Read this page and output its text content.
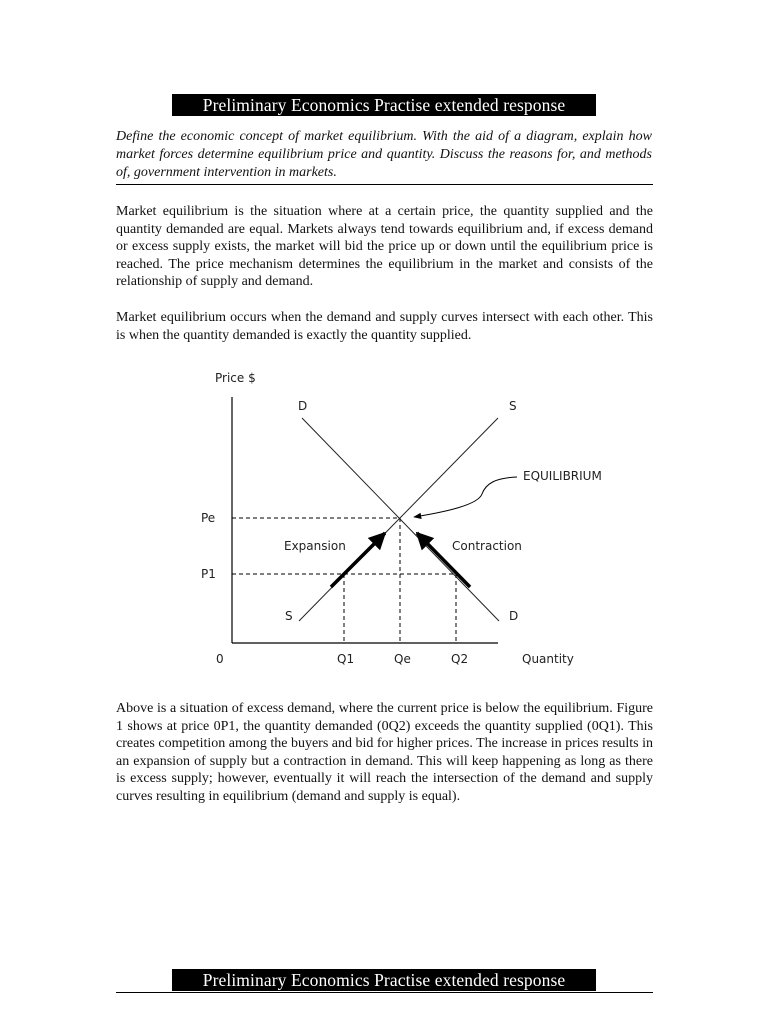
Preliminary Economics Practise extended response
Define the economic concept of market equilibrium. With the aid of a diagram, explain how market forces determine equilibrium price and quantity. Discuss the reasons for, and methods of, government intervention in markets.

Market equilibrium is the situation where at a certain price, the quantity supplied and the quantity demanded are equal. Markets always tend towards equilibrium and, if excess demand or excess supply exists, the market will bid the price up or down until the equilibrium price is reached. The price mechanism determines the equilibrium in the market and consists of the relationship of supply and demand.

Market equilibrium occurs when the demand and supply curves intersect with each other. This is when the quantity demanded is exactly the quantity supplied.

Price $
Quantity
0
D	S
S	D
Pe
P1
Q1	Qe	Q2
EQUILIBRIUM
Expansion	Contraction

Above is a situation of excess demand, where the current price is below the equilibrium. Figure 1 shows at price 0P1, the quantity demanded (0Q2) exceeds the quantity supplied (0Q1). This creates competition among the buyers and bid for higher prices. The increase in prices results in an expansion of supply but a contraction in demand. This will keep happening as long as there is excess supply; however, eventually it will reach the intersection of the demand and supply curves resulting in equilibrium (demand and supply is equal).

Preliminary Economics Practise extended response
